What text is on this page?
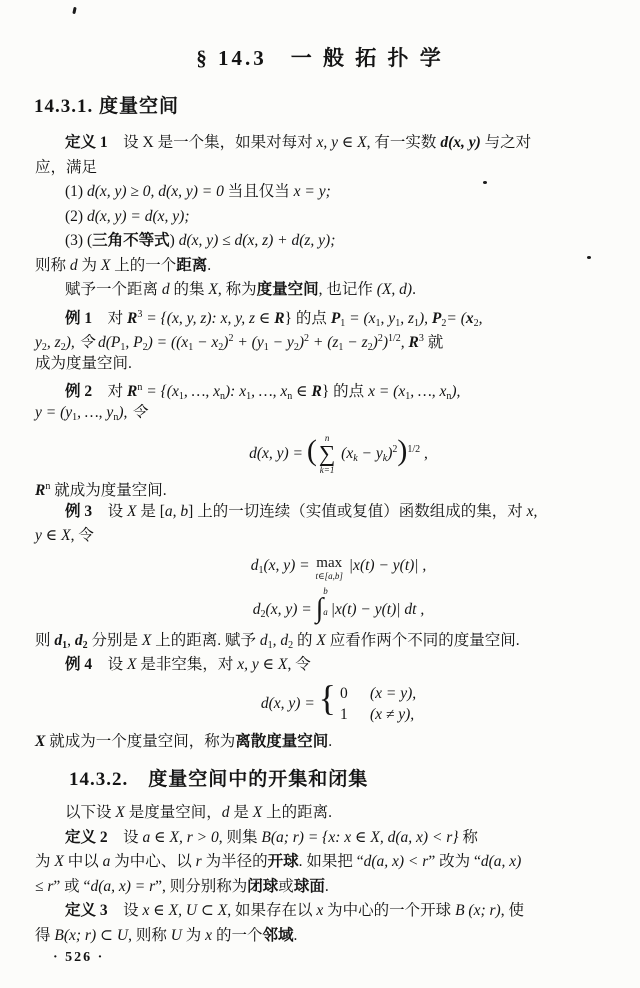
§ 14.3　一 般 拓 扑 学
14.3.1. 度量空间
定义 1　设 X 是一个集，如果对每对 x, y ∈ X, 有一实数 d(x, y) 与之对
应，满足
(1) d(x, y) ≥ 0, d(x, y) = 0 当且仅当 x = y;
(2) d(x, y) = d(x, y);
(3) (三角不等式) d(x, y) ≤ d(x, z) + d(z, y);
则称 d 为 X 上的一个距离.
赋予一个距离 d 的集 X, 称为度量空间, 也记作 (X, d).
例 1　对 $R^3 = \{(x$, y, z): x, y, z ∈ R} 的点 P1 = (x1, y1, z1), P2= (x2,
y2, z2), 令 d(P1, $P2) = ((x1 - x2)^2 + (y1 - y2)^2 + (z1 - z2)^2)^{1/2}$, $R^3$ 就
成为度量空间.
例 2　对 $R^n = \{(x1$, …, xn): x1, …, xn ∈ R} 的点 x = (x1, …, xn),
y = (y1, …, yn), 令
d(x, y) = ( n
∑
k=1
(xk − yk)$^2$)$^{1/2}$ ,
$R^n$ 就成为度量空间.
例 3　设 X 是 [a, b] 上的一切连续（实值或复值）函数组成的集，对 x,
y ∈ X, 令
d1(x, y) = max
t∈[a,b]
|x(t) − y(t)| ,
d2(x, y) = ∫
b
a |x(t) − y(t)| dt ,
则 d1, d2 分别是 X 上的距离. 赋予 d1, d2 的 X 应看作两个不同的度量空间.
例 4　设 X 是非空集，对 x, y ∈ X, 令
d(x, y) = { 0 (x = y),
1 (x ≠ y),
X 就成为一个度量空间，称为离散度量空间.
14.3.2.　度量空间中的开集和闭集
以下设 X 是度量空间，d 是 X 上的距离.
定义 2　设 a ∈ X, r > 0, 则集 B(a; r) = {x: x ∈ X, d(a, x) < r} 称
为 X 中以 a 为中心、以 r 为半径的开球. 如果把 “d(a, x) < r” 改为 “d(a, x)
≤ r” 或 “d(a, x) = r”, 则分别称为闭球或球面.
定义 3　设 x ∈ X, U ⊂ X, 如果存在以 x 为中心的一个开球 B (x; r), 使
得 B(x; r) ⊂ U, 则称 U 为 x 的一个邻域.
· 526 ·
